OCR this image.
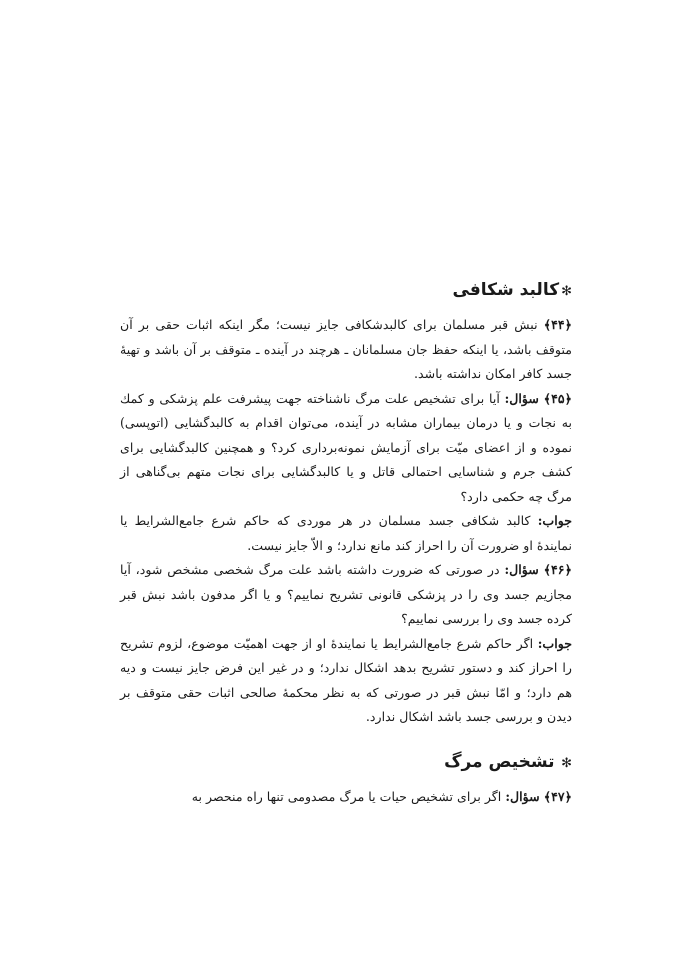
✻كالبد شكافى

﴿۴۴﴾ نبش قبر مسلمان براى كالبدشكافى جايز نيست؛ مگر اينكه اثبات حقى بر آن متوقف باشد، يا اينكه حفظ جان مسلمانان ـ هرچند در آينده ـ متوقف بر آن باشد و تهيهٔ جسد كافر امكان نداشته باشد.

﴿۴۵﴾ سؤال: آيا براى تشخيص علت مرگ ناشناخته جهت پيشرفت علم پزشكى و كمك به نجات و يا درمان بيماران مشابه در آينده، مى‌توان اقدام به كالبدگشايى (اتوپسى) نموده و از اعضاى ميّت براى آزمايش نمونه‌بردارى كرد؟ و همچنين كالبدگشايى براى كشف جرم و شناسايى احتمالى قاتل و يا كالبدگشايى براى نجات متهم بى‌گناهى از مرگ چه حكمى دارد؟

جواب: كالبد شكافى جسد مسلمان در هر موردى كه حاكم شرع جامع‌الشرايط يا نمايندهٔ او ضرورت آن را احراز كند مانع ندارد؛ و الاّ جايز نيست.

﴿۴۶﴾ سؤال: در صورتى كه ضرورت داشته باشد علت مرگ شخصى مشخص شود، آيا مجازيم جسد وى را در پزشكى قانونى تشريح نماييم؟ و يا اگر مدفون باشد نبش قبر كرده جسد وى را بررسى نماييم؟

جواب: اگر حاكم شرع جامع‌الشرايط يا نمايندهٔ او از جهت اهميّت موضوع، لزوم تشريح را احراز كند و دستور تشريح بدهد اشكال ندارد؛ و در غير اين فرض جايز نيست و ديه هم دارد؛ و امّا نبش قبر در صورتى كه به نظر محكمهٔ صالحى اثبات حقى متوقف بر ديدن و بررسى جسد باشد اشكال ندارد.

✻ تشخيص مرگ

﴿۴۷﴾ سؤال: اگر براى تشخيص حيات يا مرگ مصدومى تنها راه منحصر به
